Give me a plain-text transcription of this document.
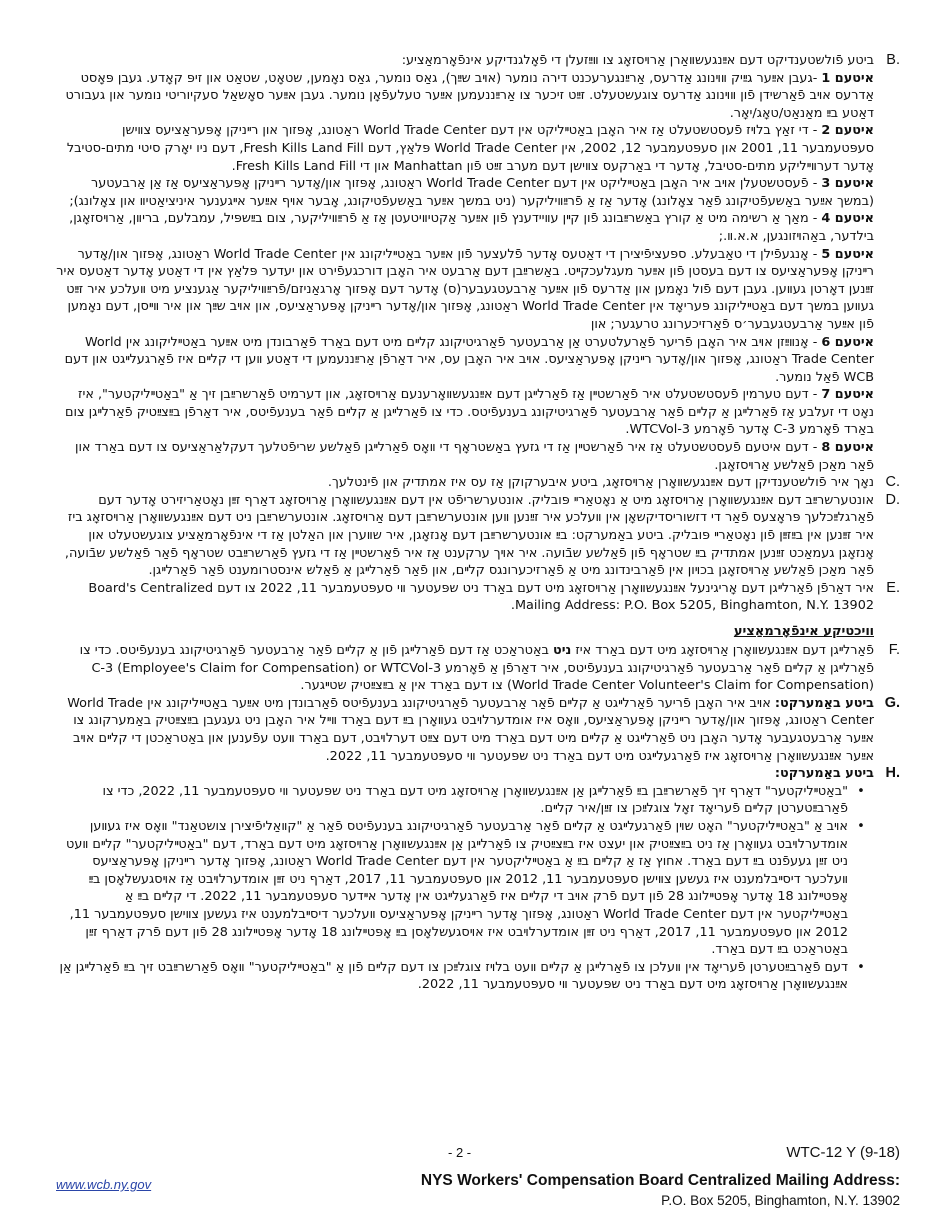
B.

ביטע פֿולשטענדיקט דעם אײַנגעשװאַרן אַרױסזאָג צו װײַזעלן די פֿאָלגנדיקע אינפֿאָרמאַציע:

איטעם 1 -געבן אײַער גײַיק װױנונג אַדרעס, אַרײַנגערעכנט דירה נומער (אױב שײַך), גאַס נומער, גאַס נאָמען, שטאָט, שטאַט און זיפּ קאָדע. געבן פּאָסט אַדרעס אױב פֿאַרשידן פֿון װױנונג אַדרעס צוגעשטעלט. זײַט זיכער צו אַרײַננעמען אײַער טעלעפֿאָן נומער. געבן אײַער סאָשאַל סעקיוריטי נומער און געבורט דאַטע בײַ מאַנאַט/טאָג/יאָר.

איטעם 2 - די זאַץ בלױז פֿעסטשטעלט אַז איר האָבן באַטײליקט אין דעם World Trade Center ראַטונג, אָפּזוך און רײניקן אָפּעראַציעס צװישן סעפּטעמבער 11, 2001 און סעפּטעמבער 12, 2002, אין World Trade Center פּלאַץ, דעם Fresh Kills Land Fill, דעם ניו יאָרק סיטי מתים-סטיבל אָדער דערװײליקע מתים-סטיבל, אָדער די באַרקעס צװישן דעם מערב זײַט פֿון Manhattan און די Fresh Kills Land Fill.

איטעם 3 - פֿעסטשטעלן אױב איר האָבן באַטײליקט אין דעם World Trade Center ראַטונג, אָפּזוך און/אָדער רײניקן אָפּעראַציעס אַז אַן אַרבעטער (במשך אײַער באַשעפֿטיקונג פֿאַר צאָלונג) אָדער אַז אַ פֿרײַװיליקער (ניט במשך אײַער באַשעפֿטיקונג, אָבער אױף אײַער אײגענער איניציאַטיװ און צאָלונג);

איטעם 4 - מאַך אַ רשימה מיט אַ קורץ באַשרײַבונג פֿון קײן עװיידענץ פֿון אײַער אַקטיװיטעטן אַז אַ פֿרײַװיליקער, צום בײַשפּיל, עמבלעם, בריװן, אַרױסזאָגן, בילדער, באַהױזונגען, א.א.װ.;

איטעם 5 - אָנגעפֿילן די טאַבעלע. ספּעציפֿיצירן די דאַטעס אָדער פֿלעצער פֿון אײַער באַטײליקונג אין World Trade Center ראַטונג, אָפּזוך און/אָדער רײניקן אָפּעראַציעס צו דעם בעסטן פֿון אײַער מעגלעכקײט. באַשרײַבן דעם אַרבעט איר האָבן דורכגעפֿירט און יעדער פּלאַץ אין די דאַטע אָדער דאַטעס איר זײַנען דאָרטן געװען. געבן דעם פֿול נאָמען און אַדרעס פֿון אײַער אַרבעטגעבער(ס) אָדער דעם אָפּזוך אָרגאַניזם/פֿרײַװיליקער אַגענציע מיט װעלכע איר זײַט געװען במשך דעם באַטײליקונג פּעריאָד אין World Trade Center ראַטונג, אָפּזוך און/אָדער רײניקן אָפּעראַציעס, און אױב שײַך און איר װײסן, דעם נאָמען פֿון אײַער אַרבעטגעבער׳ס פֿאַרזיכערונג טרעגער; און

איטעם 6 - אָנװײַזן אױב איר האָבן פֿריער פֿאַרעלטערט אַן אַרבעטער פֿאַרגיטיקונג קלײם מיט דעם באַרד פֿאַרבונדן מיט אײַער באַטײליקונג אין World Trade Center ראַטונג, אָפּזוך און/אָדער רײניקן אָפּעראַציעס. אױב איר האָבן עס, איר דאַרפֿן אַרײַננעמען די דאַטע װען די קלײם איז פֿאַרגעלײגט און דעם WCB פֿאַל נומער.

איטעם 7 - דעם טערמין פֿעסטשטעלט איר פֿאַרשטײן אַז פֿאַרלײגן דעם אײַנגעשװאָרענעם אַרױסזאָג, און דערמיט פֿאַרשרײַבן זיך אַ "באַטײליקטער", איז נאָט די זעלבע אַז פֿאַרלײגן אַ קלײם פֿאַר אַרבעטער פֿאַרגיטיקונג בענעפֿיטס. כדי צו פֿאַרלײגן אַ קלײם פֿאַר בענעפֿיטס, איר דאַרפֿן בײַצײַטיק פֿאַרלײגן צום באַרד פֿאָרמע C-3 אָדער פֿאָרמע WTCVol-3.

איטעם 8 - דעם איטעם פֿעסטשטעלט אַז איר פֿאַרשטײן אַז די גזעץ באַשטראָף די װאָס פֿאַרלײגן פֿאַלשע שריפֿטלעך דעקלאַראַציעס צו דעם באַרד און פֿאַר מאַכן פֿאַלשע אַרױסזאָגן.

C.
נאָך איר פֿולשטענדיקן דעם אײַנגעשװאָרן אַרױסזאָג, ביטע איבערקוקן אַז עס איז אמתדיק און פֿינטלעך.
D.
אונטערשרײַב דעם אײַנגעשװאָרן אַרױסזאָג מיט אַ נאָטאַרײ פּובליק. אונטערשריפֿט אין דעם אײַנגעשװאָרן אַרױסזאָג דאַרף זײַן נאָטאַריזירט אָדער דעם פֿאַרגלײַכלעך פּראָצעס פֿאַר די דזשוריסדיקשאָן אין װעלכע איר זײַנען װען אונטערשרײַבן דעם אַרױסזאָג. אונטערשרײַבן ניט דעם אײַנגעשװאָרן אַרױסזאָג ביז איר זײַנען אין בײַזײַן פֿון נאָטאַרײ פּובליק. ביטע באַמערקט: בײַ אונטערשרײַבן דעם אָנזאָגן, איר שװערן און האַלטן אַז די אינפֿאָרמאַציע צוגעשטעלט און אָנזאָגן געמאַכט זײַנען אמתדיק בײַ שטראָף פֿון פֿאַלשע שבֿועה. איר אױך ערקענט אַז איר פֿאַרשטײן אַז די גזעץ פֿאַרשרײַבט שטראָף פֿאַר פֿאַלשע שבֿועה, פֿאַר מאַכן פֿאַלשע אַרױסזאָגן בכױון אין פֿאַרבינדונג מיט אַ פֿאַרזיכערונגס קלײם, און פֿאַר פֿאַרלײגן אַ פֿאַלש אינסטרומענט פֿאַר פֿאַרלײגן.
E.
איר דאַרפֿן פֿאַרלײגן דעם אָריגינעל אײַנגעשװאָרן אַרױסזאָג מיט דעם באַרד ניט שפּעטער װי סעפּטעמבער 11, 2022 צו דעם Board's Centralized Mailing Address: P.O. Box 5205, Binghamton, N.Y. 13902.
װיכטיקע אינפֿאָרמאַציע
F.
פֿאַרלײגן דעם אײַנגעשװאָרן אַרױסזאָג מיט דעם באַרד איז ניט באַטראַכט אַז דעם פֿאַרלײגן פֿון אַ קלײם פֿאַר אַרבעטער פֿאַרגיטיקונג בענעפֿיטס. כדי צו פֿאַרלײגן אַ קלײם פֿאַר אַרבעטער פֿאַרגיטיקונג בענעפֿיטס, איר דאַרפֿן אַ פֿאָרמע C-3 (Employee's Claim for Compensation) or WTCVol-3 (World Trade Center Volunteer's Claim for Compensation) צו דעם באַרד אין אַ בײַצײַטיק שטײגער.
G.
ביטע באַמערקט: אױב איר האָבן פֿריער פֿאַרלײגט אַ קלײם פֿאַר אַרבעטער פֿאַרגיטיקונג בענעפֿיטס פֿאַרבונדן מיט אײַער באַטײליקונג אין World Trade Center ראַטונג, אָפּזוך און/אָדער רײניקן אָפּעראַציעס, װאָס איז אומדערלױבט געװאָרן בײַ דעם באַרד װײל איר האָבן ניט געגעבן בײַצײַטיק באַמערקונג צו אײַער אַרבעטגעבער אָדער האָבן ניט פֿאַרלײגט אַ קלײם מיט דעם באַרד מיט דעם צײַט דערלױבט, דעם באַרד װעט עפֿענען און באַטראַכטן די קלײם אױב אײַער אײַנגעשװאָרן אַרױסזאָג איז פֿאַרגעלײגט מיט דעם באַרד ניט שפּעטער װי סעפּטעמבער 11, 2022.
H.
ביטע באַמערקט:
•
"באַטײליקטער" דאַרף זיך פֿאַרשרײַבן בײַ פֿאַרלײגן אַן אײַנגעשװאָרן אַרױסזאָג מיט דעם באַרד ניט שפּעטער װי סעפּטעמבער 11, 2022, כדי צו פֿאַרבײַטערטן קלײם פֿעריאָד זאָל צוגלײַכן צו זײַן/איר קלײם.
•
אױב אַ "באַטײליקטער" האָט שױן פֿאַרגעלײגט אַ קלײם פֿאַר אַרבעטער פֿאַרגיטיקונג בענעפֿיטס פֿאַר אַ "קװאַליפֿיצירן צושטאַנד" װאָס איז געװען אומדערלױבט געװאָרן אַז ניט בײַצײַטיק און יעצט איז בײַצײַטיק צו פֿאַרלײגן אַן אײַנגעשװאָרן אַרױסזאָג מיט דעם באַרד, דעם "באַטײליקטער" קלײם װעט ניט זײַן געעפֿנט בײַ דעם באַרד. אחוץ אַז אַ קלײם בײַ אַ באַטײליקטער אין דעם World Trade Center ראַטונג, אָפּזוך אָדער רײניקן אָפּעראַציעס װעלכער דיסײבלמענט איז געשען צװישן סעפּטעמבער 11, 2012 און סעפּטעמבער 11, 2017, דאַרף ניט זײַן אומדערלױבט אַז אױסגעשלאָסן בײַ אָפּטײלונג 18 אָדער אָפּטײלונג 28 פֿון דעם פֿרק אױב די קלײם איז פֿאַרגעלײגט אין אָדער אײדער סעפּטעמבער 11, 2022. די קלײם בײַ אַ באַטײליקטער אין דעם World Trade Center ראַטונג, אָפּזוך אָדער רײניקן אָפּעראַציעס װעלכער דיסײבלמענט איז געשען צװישן סעפּטעמבער 11, 2012 און סעפּטעמבער 11, 2017, דאַרף ניט זײַן אומדערלױבט איז אױסגעשלאָסן בײַ אָפּטײלונג 18 אָדער אָפּטײלונג 28 פֿון דעם פֿרק דאַרף זײַן באַטראַכט בײַ דעם באַרד.
•
דעם פֿאַרבײַטערטן פֿעריאָד אין װעלכן צו פֿאַרלײגן אַ קלײם װעט בלױז צוגלײַכן צו דעם קלײם פֿון אַ "באַטײליקטער" װאָס פֿאַרשרײַבט זיך בײַ פֿאַרלײגן אַן אײַנגעשװאָרן אַרױסזאָג מיט דעם באַרד ניט שפּעטער װי סעפּטעמבער 11, 2022.
- 2 -	WTC-12 Y (9-18)
www.wcb.ny.gov	NYS Workers' Compensation Board Centralized Mailing Address:
P.O. Box 5205, Binghamton, N.Y. 13902
